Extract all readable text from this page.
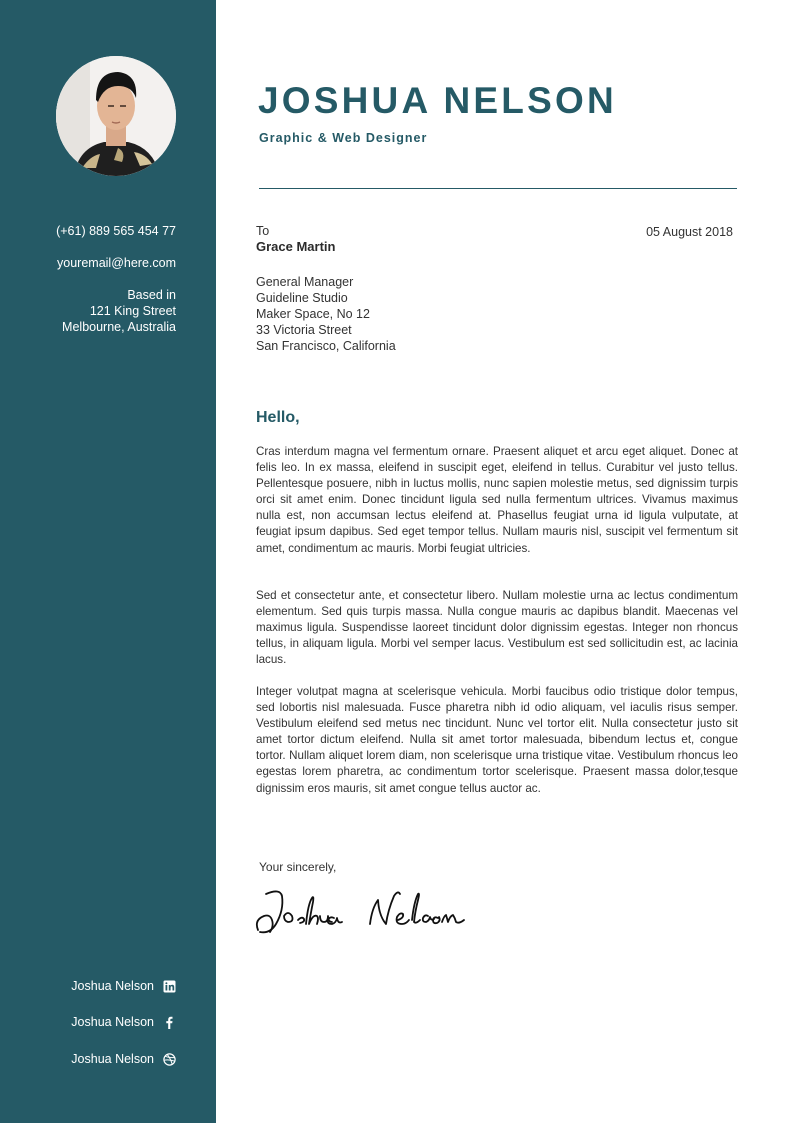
(+61) 889 565 454 77
youremail@here.com
Based in
121 King Street
Melbourne, Australia
Joshua Nelson
Joshua Nelson
Joshua Nelson
JOSHUA NELSON
Graphic & Web Designer
To
Grace Martin
05 August 2018
General Manager
Guideline Studio
Maker Space, No 12
33 Victoria Street
San Francisco, California
Hello,
Cras interdum magna vel fermentum ornare. Praesent aliquet et arcu eget aliquet. Donec at felis leo. In ex massa, eleifend in suscipit eget, eleifend in tellus. Curabitur vel justo tellus. Pellentesque posuere, nibh in luctus mollis, nunc sapien molestie metus, sed dignissim turpis orci sit amet enim. Donec tincidunt ligula sed nulla fermentum ultrices. Vivamus maximus nulla est, non accumsan lectus eleifend at. Phasellus feugiat urna id ligula vulputate, at feugiat ipsum dapibus. Sed eget tempor tellus. Nullam mauris nisl, suscipit vel fermentum sit amet, condimentum ac mauris. Morbi feugiat ultricies.
Sed et consectetur ante, et consectetur libero. Nullam molestie urna ac lectus condimentum elementum. Sed quis turpis massa. Nulla congue mauris ac dapibus blandit. Maecenas vel maximus ligula. Suspendisse laoreet tincidunt dolor dignissim egestas. Integer non rhoncus tellus, in aliquam ligula. Morbi vel semper lacus. Vestibulum est sed sollicitudin est, ac lacinia lacus.
Integer volutpat magna at scelerisque vehicula. Morbi faucibus odio tristique dolor tempus, sed lobortis nisl malesuada. Fusce pharetra nibh id odio aliquam, vel iaculis risus semper. Vestibulum eleifend sed metus nec tincidunt. Nunc vel tortor elit. Nulla consectetur justo sit amet tortor dictum eleifend. Nulla sit amet tortor malesuada, bibendum lectus et, congue tortor. Nullam aliquet lorem diam, non scelerisque urna tristique vitae. Vestibulum rhoncus leo egestas lorem pharetra, ac condimentum tortor scelerisque. Praesent massa dolor,tesque dignissim eros mauris, sit amet congue tellus auctor ac.
Your sincerely,
